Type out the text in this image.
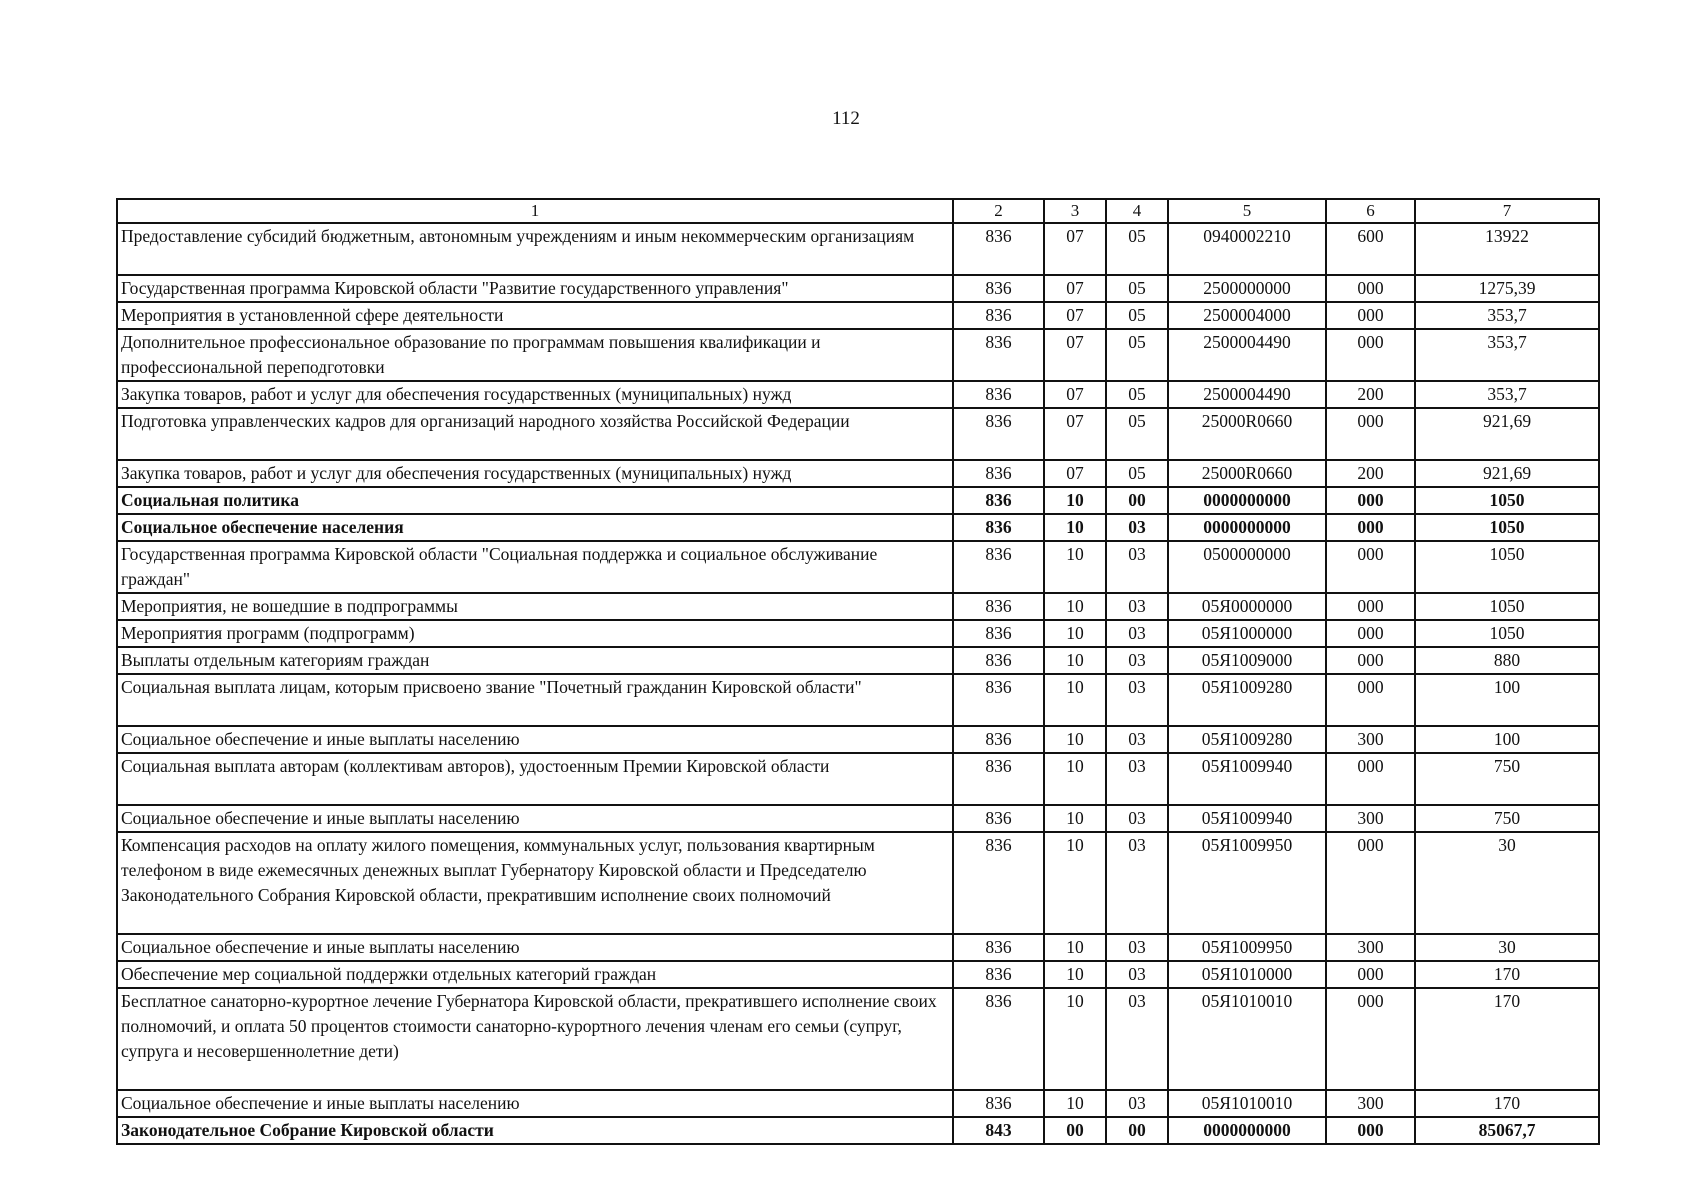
112
1	2	3	4	5	6	7
Предоставление субсидий бюджетным, автономным учреждениям и иным некоммерческим организациям	836	07	05	0940002210	600	13922
Государственная программа Кировской области "Развитие государственного управления"	836	07	05	2500000000	000	1275,39
Мероприятия в установленной сфере деятельности	836	07	05	2500004000	000	353,7
Дополнительное профессиональное образование по программам повышения квалификации и профессиональной переподготовки	836	07	05	2500004490	000	353,7
Закупка товаров, работ и услуг для обеспечения государственных (муниципальных) нужд	836	07	05	2500004490	200	353,7
Подготовка управленческих кадров для организаций народного хозяйства Российской Федерации	836	07	05	25000R0660	000	921,69
Закупка товаров, работ и услуг для обеспечения государственных (муниципальных) нужд	836	07	05	25000R0660	200	921,69
Социальная политика	836	10	00	0000000000	000	1050
Социальное обеспечение населения	836	10	03	0000000000	000	1050
Государственная программа Кировской области "Социальная поддержка и социальное обслуживание граждан"	836	10	03	0500000000	000	1050
Мероприятия, не вошедшие в подпрограммы	836	10	03	05Я0000000	000	1050
Мероприятия программ (подпрограмм)	836	10	03	05Я1000000	000	1050
Выплаты отдельным категориям граждан	836	10	03	05Я1009000	000	880
Социальная выплата лицам, которым присвоено звание "Почетный гражданин Кировской области"	836	10	03	05Я1009280	000	100
Социальное обеспечение и иные выплаты населению	836	10	03	05Я1009280	300	100
Социальная выплата авторам (коллективам авторов), удостоенным Премии Кировской области	836	10	03	05Я1009940	000	750
Социальное обеспечение и иные выплаты населению	836	10	03	05Я1009940	300	750
Компенсация расходов на оплату жилого помещения, коммунальных услуг, пользования квартирным телефоном в виде ежемесячных денежных выплат Губернатору Кировской области и Председателю Законодательного Собрания Кировской области, прекратившим исполнение своих полномочий	836	10	03	05Я1009950	000	30
Социальное обеспечение и иные выплаты населению	836	10	03	05Я1009950	300	30
Обеспечение мер социальной поддержки отдельных категорий граждан	836	10	03	05Я1010000	000	170
Бесплатное санаторно-курортное лечение Губернатора Кировской области, прекратившего исполнение своих полномочий, и оплата 50 процентов стоимости санаторно-курортного лечения членам его семьи (супруг, супруга и несовершеннолетние дети)	836	10	03	05Я1010010	000	170
Социальное обеспечение и иные выплаты населению	836	10	03	05Я1010010	300	170
Законодательное Собрание Кировской области	843	00	00	0000000000	000	85067,7
